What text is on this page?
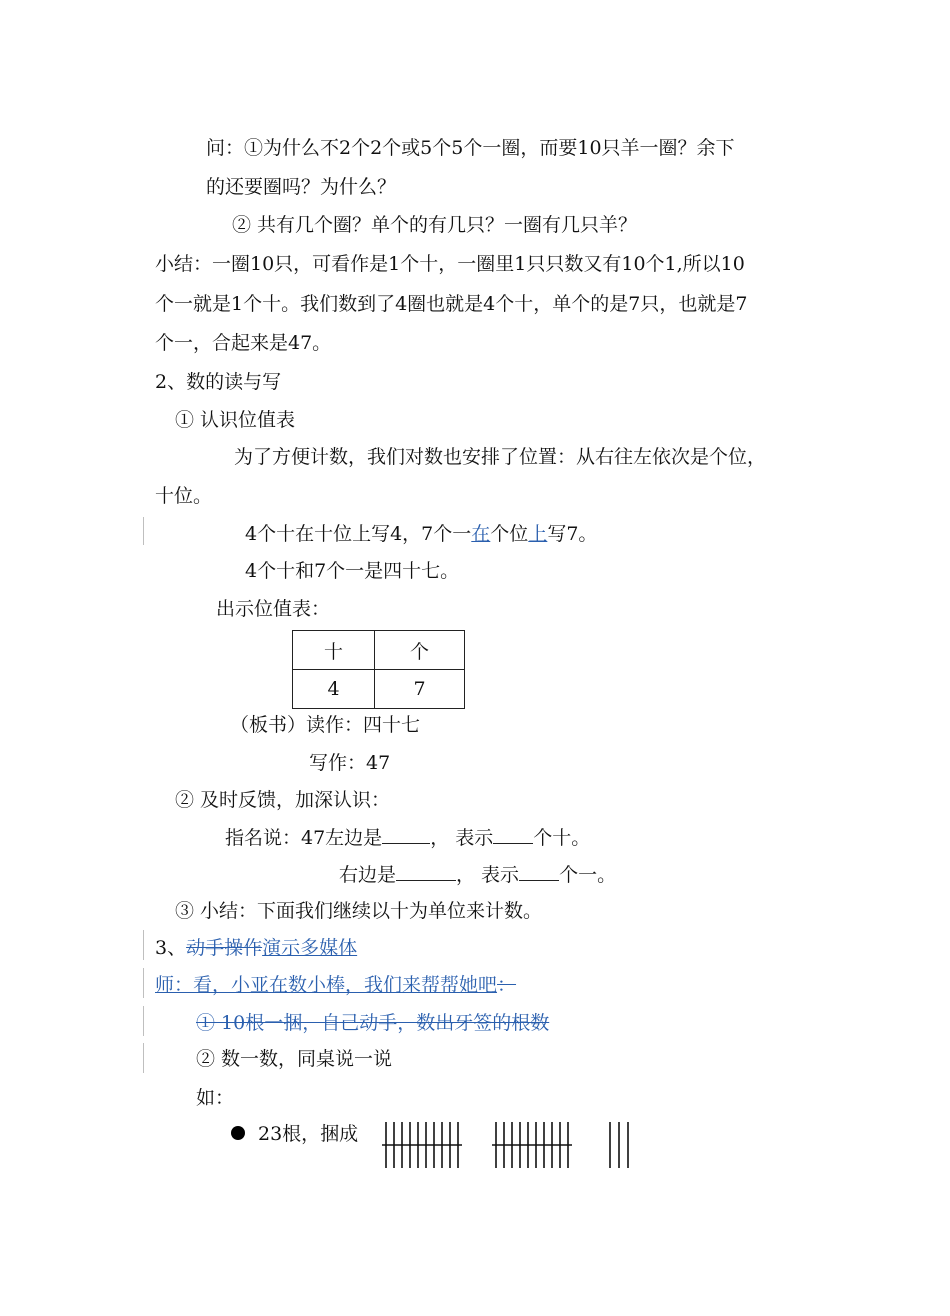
问：①为什么不2个2个或5个5个一圈，而要10只羊一圈？余下
的还要圈吗？为什么？
② 共有几个圈？单个的有几只？一圈有几只羊？
小结：一圈10只，可看作是1个十，一圈里1只只数又有10个1,所以10
个一就是1个十。我们数到了4圈也就是4个十，单个的是7只，也就是7
个一，合起来是47。
2、数的读与写
① 认识位值表
为了方便计数，我们对数也安排了位置：从右往左依次是个位，
十位。
4个十在十位上写4，7个一在个位上写7。
4个十和7个一是四十七。
出示位值表：
十	个
4	7
（板书）读作：四十七
写作：47
② 及时反馈，加深认识：
指名说：47左边是	， 表示 个十。
右边是	， 表示 个一。
③ 小结：下面我们继续以十为单位来计数。
3、动手操作演示多媒体
师：看，小亚在数小棒，我们来帮帮她吧：
① 10根一捆，自己动手，数出牙签的根数
② 数一数，同桌说一说
如：
23根，捆成
